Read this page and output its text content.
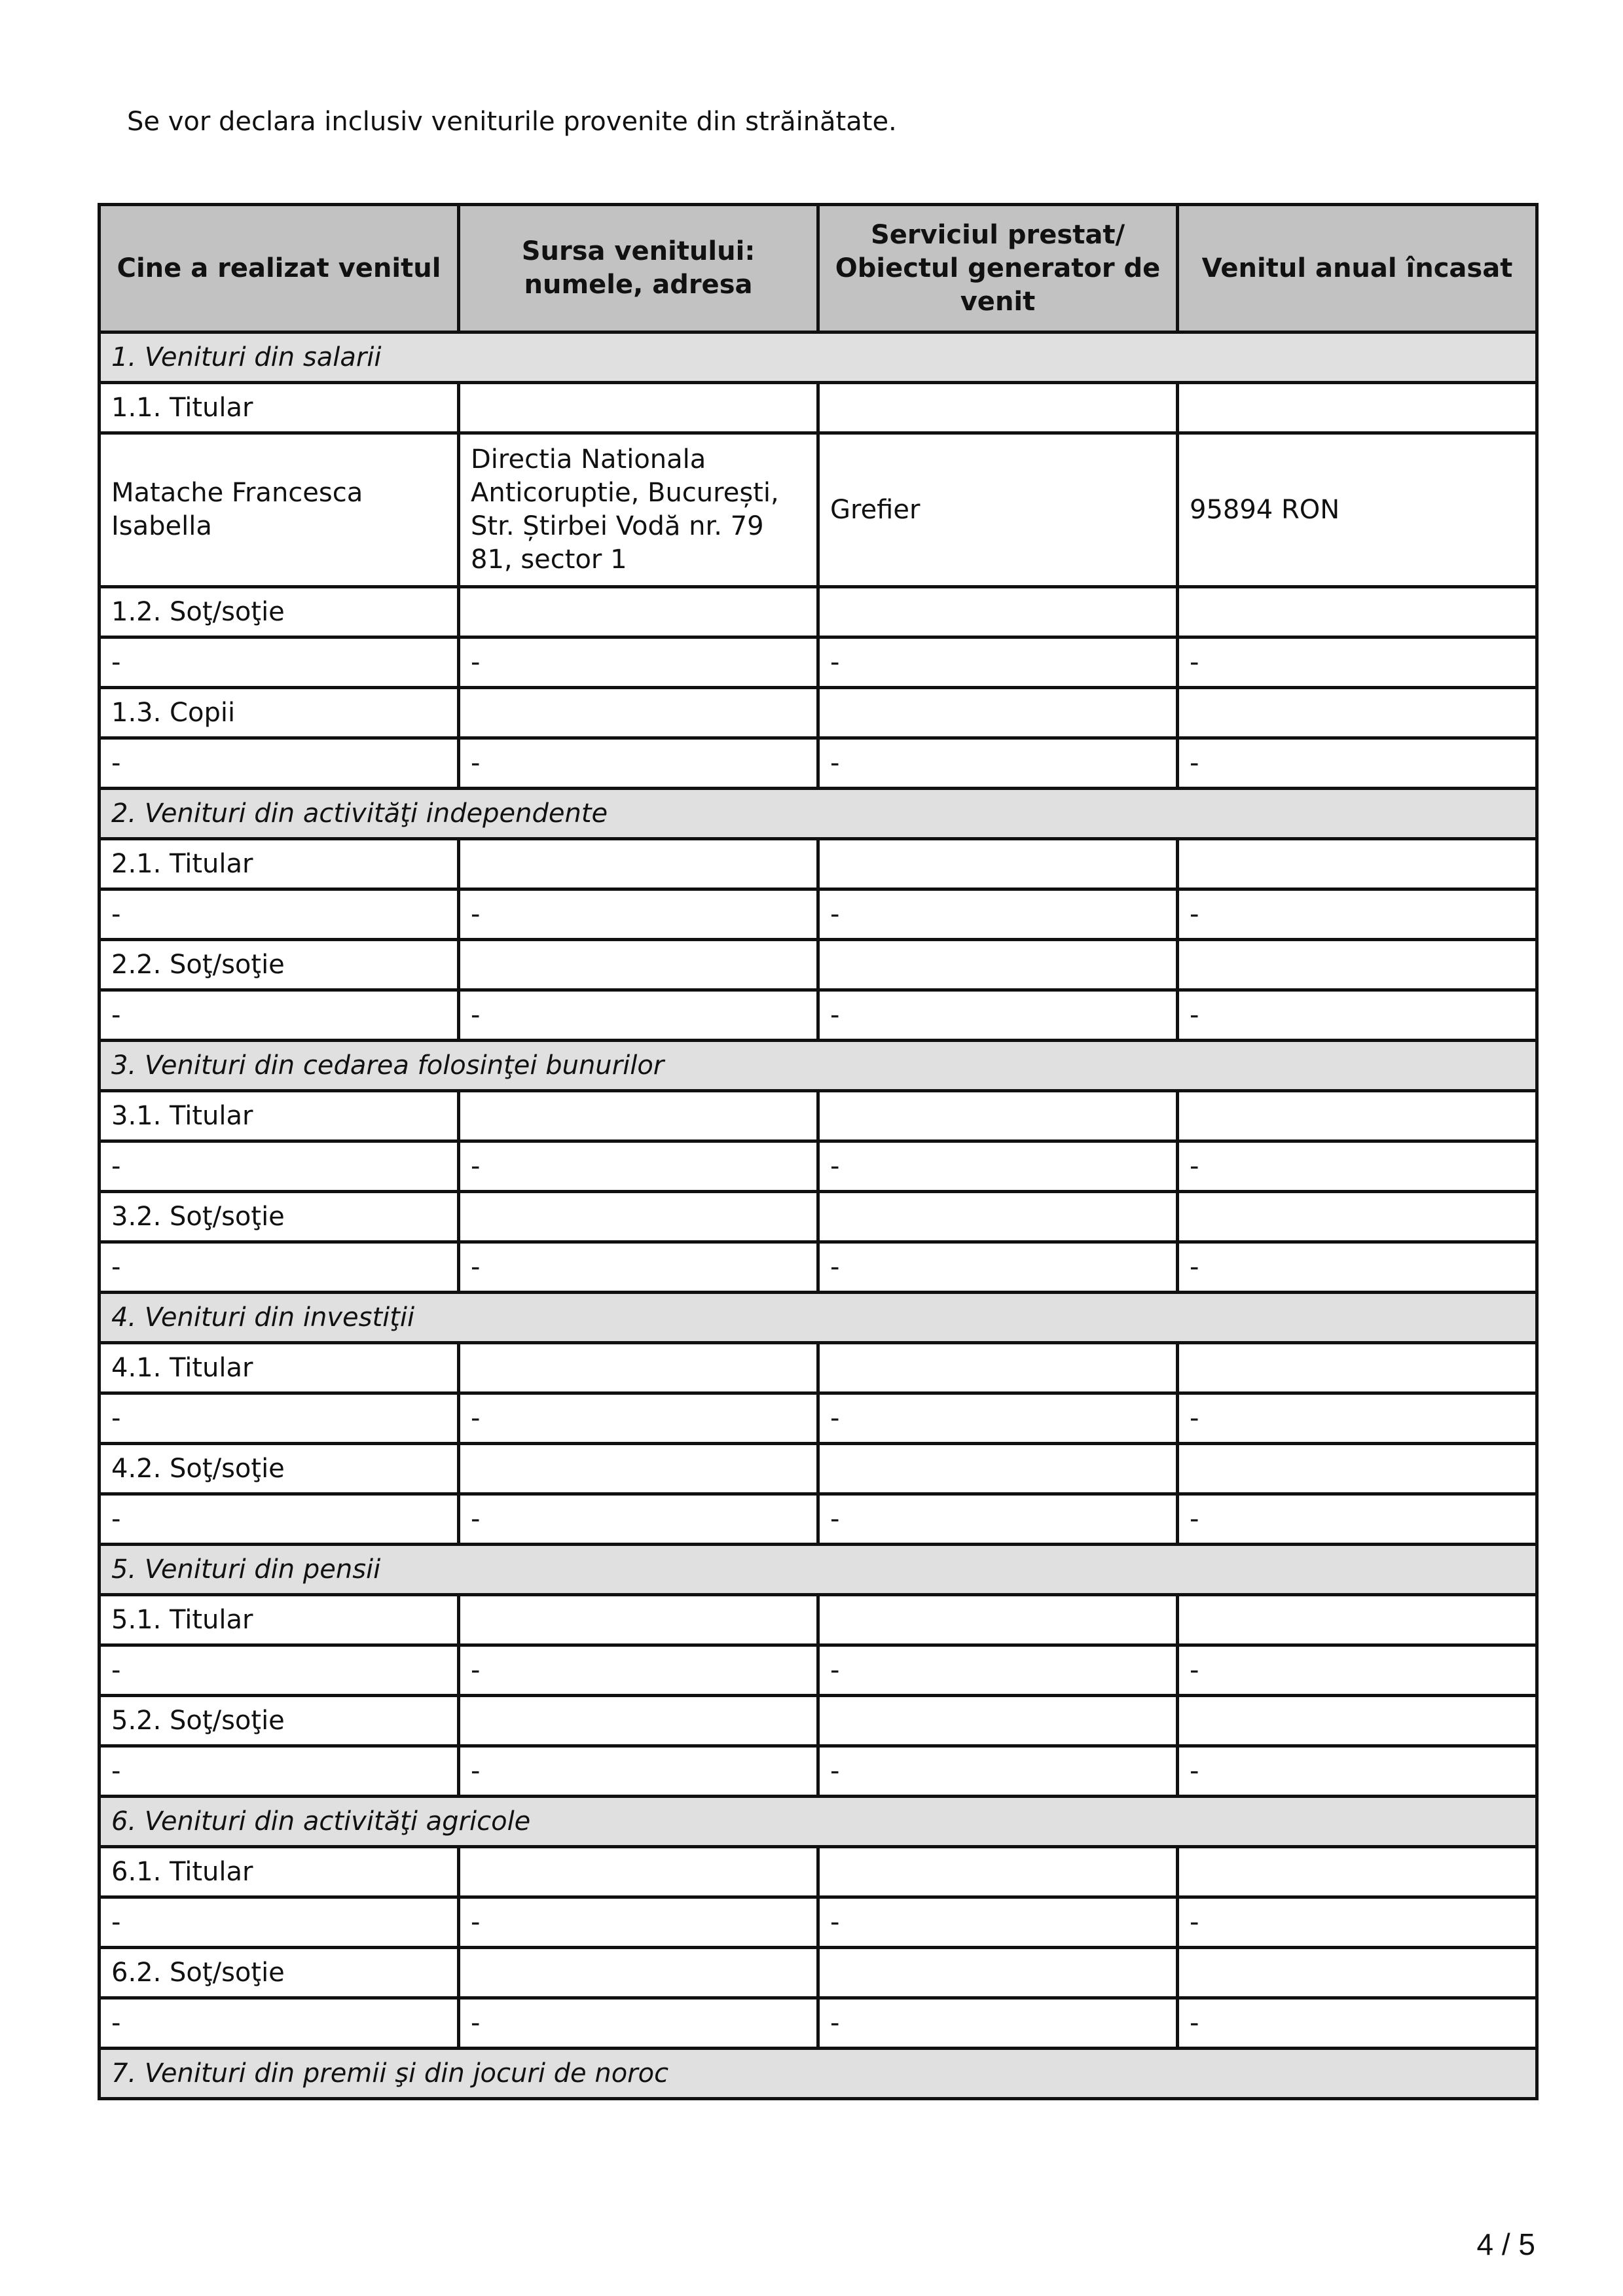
Se vor declara inclusiv veniturile provenite din străinătate.
Cine a realizat venitul	Sursa venitului: numele, adresa	Serviciul prestat/ Obiectul generator de venit	Venitul anual încasat
1. Venituri din salarii			
1.1. Titular			
Matache Francesca Isabella	Directia Nationala Anticoruptie, București, Str. Știrbei Vodă nr. 79 81, sector 1	Grefier	95894 RON
1.2. Soţ/soţie			
-	-	-	-
1.3. Copii			
-	-	-	-
2. Venituri din activităţi independente			
2.1. Titular			
-	-	-	-
2.2. Soţ/soţie			
-	-	-	-
3. Venituri din cedarea folosinţei bunurilor			
3.1. Titular			
-	-	-	-
3.2. Soţ/soţie			
-	-	-	-
4. Venituri din investiţii			
4.1. Titular			
-	-	-	-
4.2. Soţ/soţie			
-	-	-	-
5. Venituri din pensii			
5.1. Titular			
-	-	-	-
5.2. Soţ/soţie			
-	-	-	-
6. Venituri din activităţi agricole			
6.1. Titular			
-	-	-	-
6.2. Soţ/soţie			
-	-	-	-
7. Venituri din premii şi din jocuri de noroc			
4 / 5
